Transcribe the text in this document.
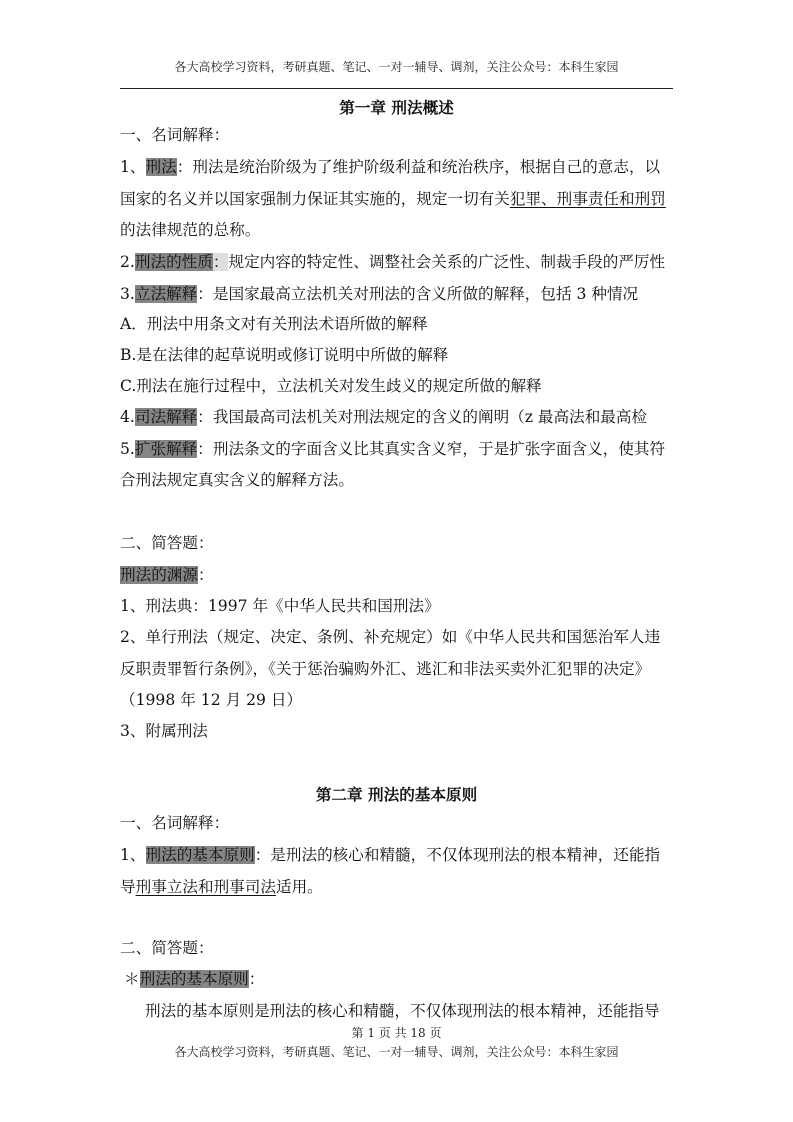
各大高校学习资料，考研真题、笔记、一对一辅导、调剂，关注公众号：本科生家园
第一章 刑法概述
一、名词解释：
1、刑法：刑法是统治阶级为了维护阶级利益和统治秩序，根据自己的意志，以
国家的名义并以国家强制力保证其实施的，规定一切有关犯罪、刑事责任和刑罚
的法律规范的总称。
2.刑法的性质：规定内容的特定性、调整社会关系的广泛性、制裁手段的严厉性
3.立法解释：是国家最高立法机关对刑法的含义所做的解释，包括 3 种情况
A．刑法中用条文对有关刑法术语所做的解释
B.是在法律的起草说明或修订说明中所做的解释
C.刑法在施行过程中，立法机关对发生歧义的规定所做的解释
4.司法解释：我国最高司法机关对刑法规定的含义的阐明（z 最高法和最高检
5.扩张解释：刑法条文的字面含义比其真实含义窄，于是扩张字面含义，使其符
合刑法规定真实含义的解释方法。
二、简答题：
刑法的渊源：
1、刑法典：1997 年《中华人民共和国刑法》
2、单行刑法（规定、决定、条例、补充规定）如《中华人民共和国惩治军人违
反职责罪暂行条例》，《关于惩治骗购外汇、逃汇和非法买卖外汇犯罪的决定》
（1998 年 12 月 29 日）
3、附属刑法
第二章 刑法的基本原则
一、名词解释：
1、刑法的基本原则：是刑法的核心和精髓，不仅体现刑法的根本精神，还能指
导刑事立法和刑事司法适用。
二、简答题：
＊刑法的基本原则：
刑法的基本原则是刑法的核心和精髓，不仅体现刑法的根本精神，还能指导
第 1 页 共 18 页
各大高校学习资料，考研真题、笔记、一对一辅导、调剂，关注公众号：本科生家园
